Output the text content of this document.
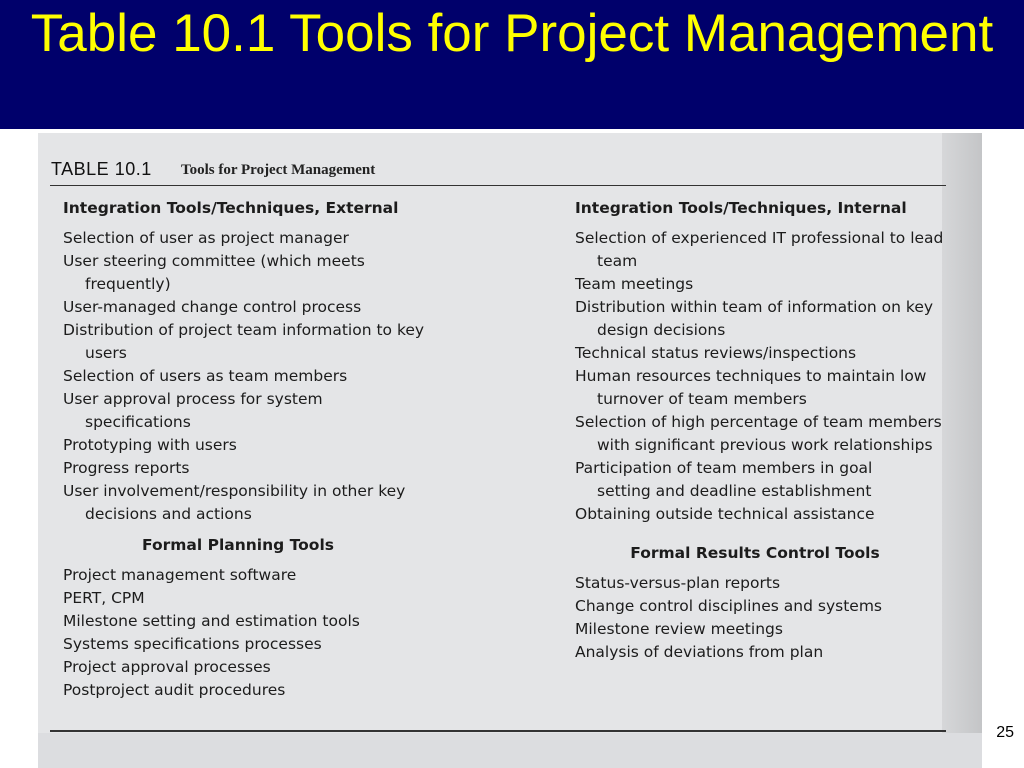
Table 10.1 Tools for Project Management
TABLE 10.1 Tools for Project Management
Integration Tools/Techniques, External
Selection of user as project manager
User steering committee (which meets frequently)
User-managed change control process
Distribution of project team information to key users
Selection of users as team members
User approval process for system specifications
Prototyping with users
Progress reports
User involvement/responsibility in other key decisions and actions
Formal Planning Tools
Project management software
PERT, CPM
Milestone setting and estimation tools
Systems specifications processes
Project approval processes
Postproject audit procedures
Integration Tools/Techniques, Internal
Selection of experienced IT professional to lead team
Team meetings
Distribution within team of information on key design decisions
Technical status reviews/inspections
Human resources techniques to maintain low turnover of team members
Selection of high percentage of team members with significant previous work relationships
Participation of team members in goal setting and deadline establishment
Obtaining outside technical assistance
Formal Results Control Tools
Status-versus-plan reports
Change control disciplines and systems
Milestone review meetings
Analysis of deviations from plan
25
